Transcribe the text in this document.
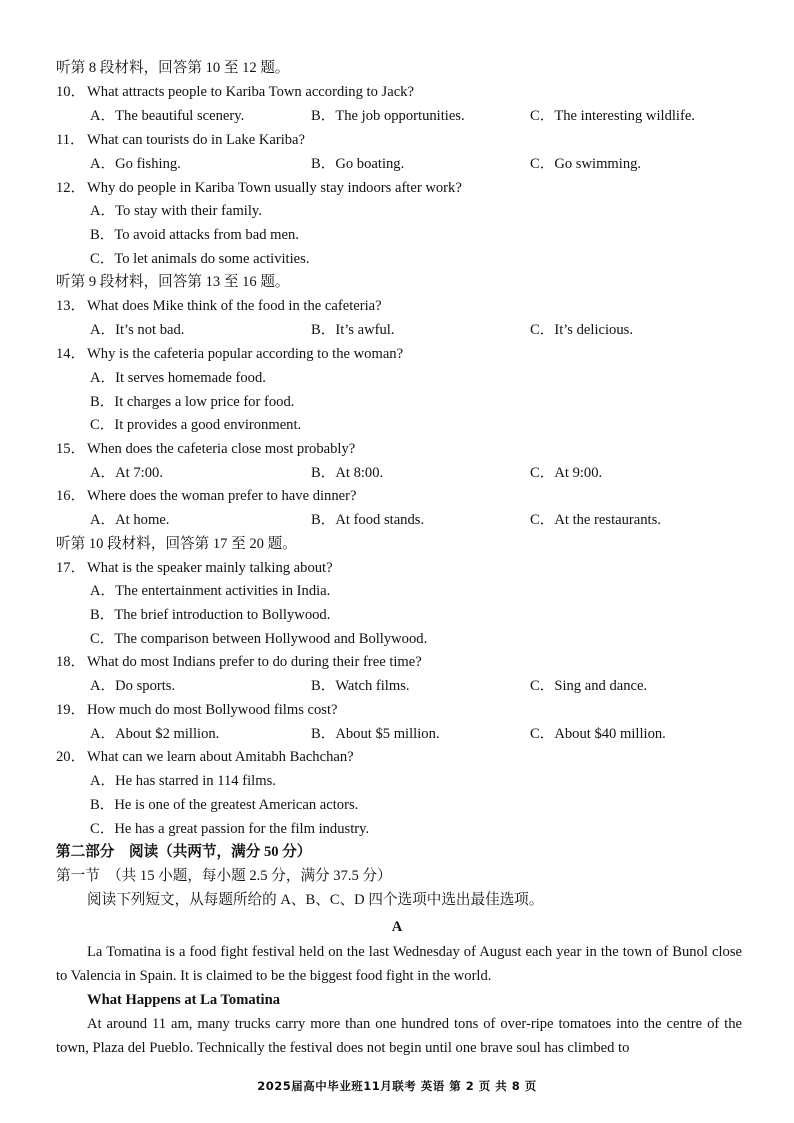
听第 8 段材料，回答第 10 至 12 题。
10． What attracts people to Kariba Town according to Jack?
A．The beautiful scenery.	B．The job opportunities.	C．The interesting wildlife.
11． What can tourists do in Lake Kariba?
A．Go fishing.	B．Go boating.	C．Go swimming.
12． Why do people in Kariba Town usually stay indoors after work?
A．To stay with their family.
B．To avoid attacks from bad men.
C．To let animals do some activities.
听第 9 段材料，回答第 13 至 16 题。
13． What does Mike think of the food in the cafeteria?
A．It’s not bad.	B．It’s awful.	C．It’s delicious.
14． Why is the cafeteria popular according to the woman?
A．It serves homemade food.
B．It charges a low price for food.
C．It provides a good environment.
15． When does the cafeteria close most probably?
A．At 7:00.	B．At 8:00.	C．At 9:00.
16． Where does the woman prefer to have dinner?
A．At home.	B．At food stands.	C．At the restaurants.
听第 10 段材料，回答第 17 至 20 题。
17． What is the speaker mainly talking about?
A．The entertainment activities in India.
B．The brief introduction to Bollywood.
C．The comparison between Hollywood and Bollywood.
18． What do most Indians prefer to do during their free time?
A．Do sports.	B．Watch films.	C．Sing and dance.
19． How much do most Bollywood films cost?
A．About $2 million.	B．About $5 million.	C．About $40 million.
20． What can we learn about Amitabh Bachchan?
A．He has starred in 114 films.
B．He is one of the greatest American actors.
C．He has a great passion for the film industry.
第二部分　阅读（共两节，满分 50 分）
第一节　（共 15 小题，每小题 2.5 分，满分 37.5 分）
阅读下列短文，从每题所给的 A、B、C、D 四个选项中选出最佳选项。
A
La Tomatina is a food fight festival held on the last Wednesday of August each year in the town of Bunol close to Valencia in Spain. It is claimed to be the biggest food fight in the world.
What Happens at La Tomatina
At around 11 am, many trucks carry more than one hundred tons of over-ripe tomatoes into the centre of the town, Plaza del Pueblo. Technically the festival does not begin until one brave soul has climbed to
2025届高中毕业班11月联考 英语 第 2 页 共 8 页
